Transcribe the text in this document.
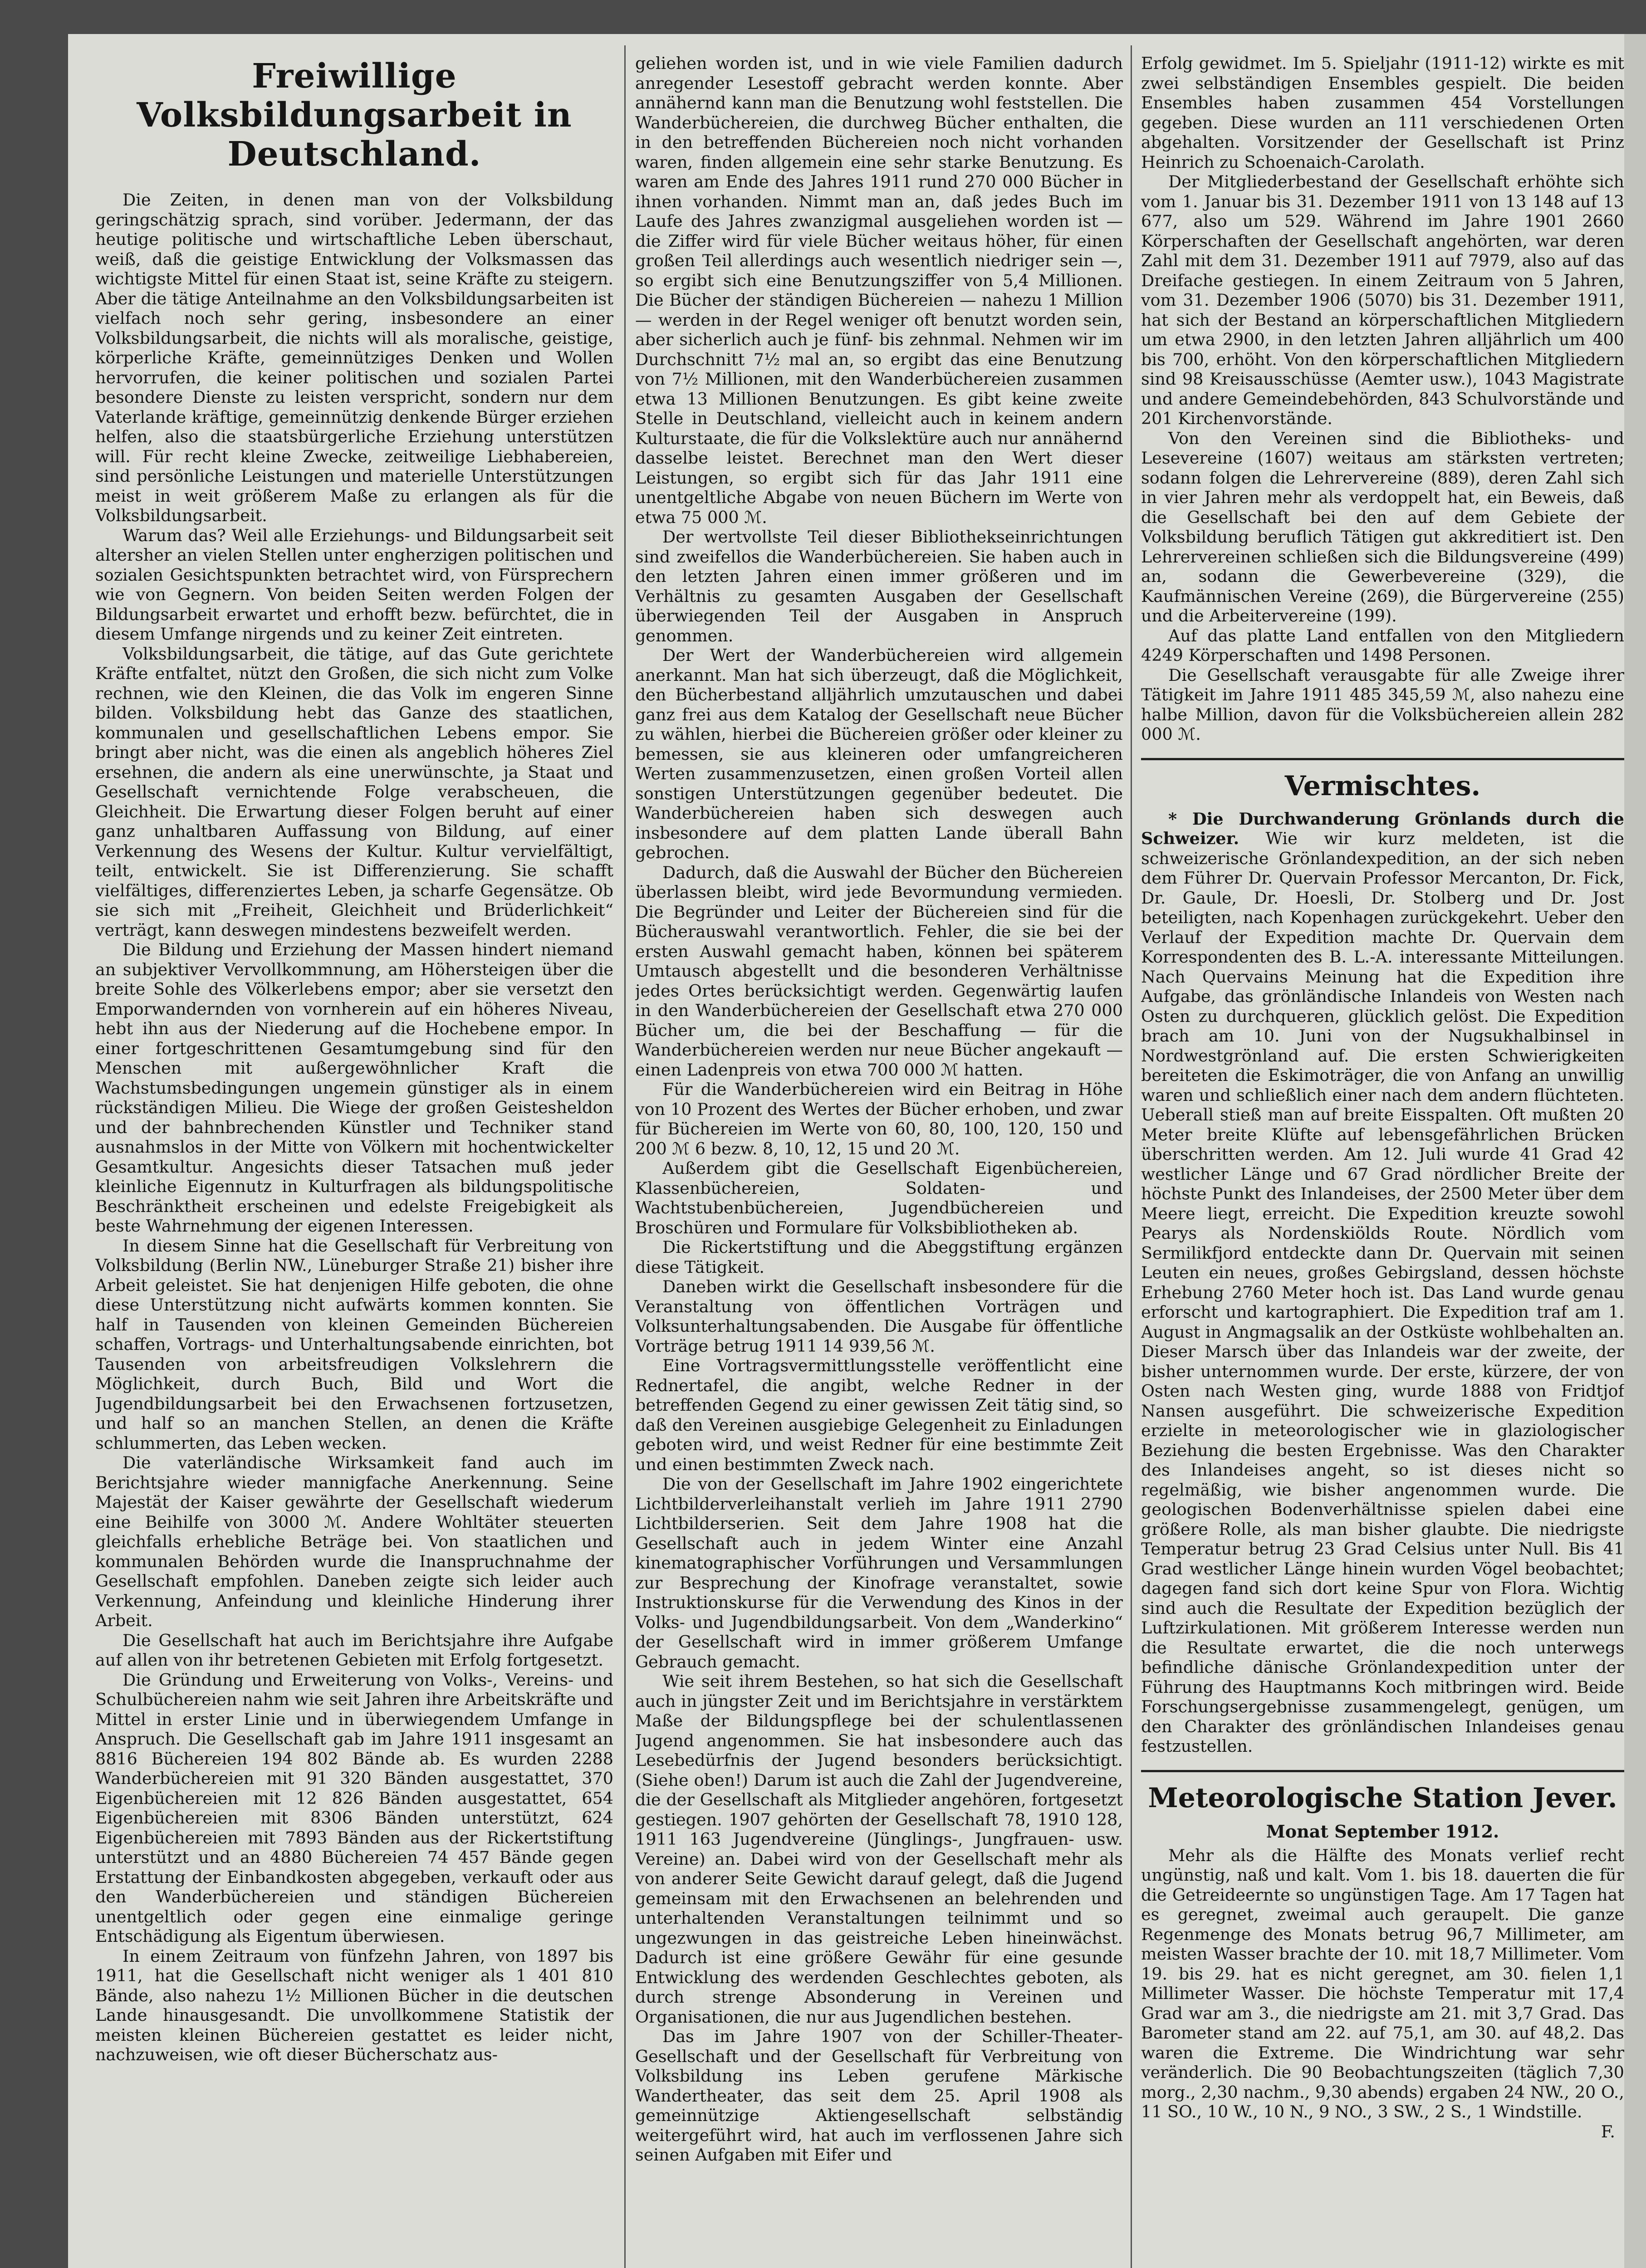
Freiwillige Volksbildungsarbeit in Deutschland.

Die Zeiten, in denen man von der Volksbildung geringschätzig sprach, sind vorüber. Jedermann, der das heutige politische und wirtschaftliche Leben überschaut, weiß, daß die geistige Entwicklung der Volksmassen das wichtigste Mittel für einen Staat ist, seine Kräfte zu steigern. Aber die tätige Anteilnahme an den Volksbildungsarbeiten ist vielfach noch sehr gering, insbesondere an einer Volksbildungsarbeit, die nichts will als moralische, geistige, körperliche Kräfte, gemeinnütziges Denken und Wollen hervorrufen, die keiner politischen und sozialen Partei besondere Dienste zu leisten verspricht, sondern nur dem Vaterlande kräftige, gemeinnützig denkende Bürger erziehen helfen, also die staatsbürgerliche Erziehung unterstützen will. Für recht kleine Zwecke, zeitweilige Liebhabereien, sind persönliche Leistungen und materielle Unterstützungen meist in weit größerem Maße zu erlangen als für die Volksbildungsarbeit.

Warum das? Weil alle Erziehungs- und Bildungsarbeit seit altersher an vielen Stellen unter engherzigen politischen und sozialen Gesichtspunkten betrachtet wird, von Fürsprechern wie von Gegnern. Von beiden Seiten werden Folgen der Bildungsarbeit erwartet und erhofft bezw. befürchtet, die in diesem Umfange nirgends und zu keiner Zeit eintreten.

Volksbildungsarbeit, die tätige, auf das Gute gerichtete Kräfte entfaltet, nützt den Großen, die sich nicht zum Volke rechnen, wie den Kleinen, die das Volk im engeren Sinne bilden. Volksbildung hebt das Ganze des staatlichen, kommunalen und gesellschaftlichen Lebens empor. Sie bringt aber nicht, was die einen als angeblich höheres Ziel ersehnen, die andern als eine unerwünschte, ja Staat und Gesellschaft vernichtende Folge verabscheuen, die Gleichheit. Die Erwartung dieser Folgen beruht auf einer ganz unhaltbaren Auffassung von Bildung, auf einer Verkennung des Wesens der Kultur. Kultur vervielfältigt, teilt, entwickelt. Sie ist Differenzierung. Sie schafft vielfältiges, differenziertes Leben, ja scharfe Gegensätze. Ob sie sich mit „Freiheit, Gleichheit und Brüderlichkeit“ verträgt, kann deswegen mindestens bezweifelt werden.

Die Bildung und Erziehung der Massen hindert niemand an subjektiver Vervollkommnung, am Höhersteigen über die breite Sohle des Völkerlebens empor; aber sie versetzt den Emporwandernden von vornherein auf ein höheres Niveau, hebt ihn aus der Niederung auf die Hochebene empor. In einer fortgeschrittenen Gesamtumgebung sind für den Menschen mit außergewöhnlicher Kraft die Wachstumsbedingungen ungemein günstiger als in einem rückständigen Milieu. Die Wiege der großen Geistesheldon und der bahnbrechenden Künstler und Techniker stand ausnahmslos in der Mitte von Völkern mit hochentwickelter Gesamtkultur. Angesichts dieser Tatsachen muß jeder kleinliche Eigennutz in Kulturfragen als bildungspolitische Beschränktheit erscheinen und edelste Freigebigkeit als beste Wahrnehmung der eigenen Interessen.

In diesem Sinne hat die Gesellschaft für Verbreitung von Volksbildung (Berlin NW., Lüneburger Straße 21) bisher ihre Arbeit geleistet. Sie hat denjenigen Hilfe geboten, die ohne diese Unterstützung nicht aufwärts kommen konnten. Sie half in Tausenden von kleinen Gemeinden Büchereien schaffen, Vortrags- und Unterhaltungsabende einrichten, bot Tausenden von arbeitsfreudigen Volkslehrern die Möglichkeit, durch Buch, Bild und Wort die Jugendbildungsarbeit bei den Erwachsenen fortzusetzen, und half so an manchen Stellen, an denen die Kräfte schlummerten, das Leben wecken.

Die vaterländische Wirksamkeit fand auch im Berichtsjahre wieder mannigfache Anerkennung. Seine Majestät der Kaiser gewährte der Gesellschaft wiederum eine Beihilfe von 3000 ℳ. Andere Wohltäter steuerten gleichfalls erhebliche Beträge bei. Von staatlichen und kommunalen Behörden wurde die Inanspruchnahme der Gesellschaft empfohlen. Daneben zeigte sich leider auch Verkennung, Anfeindung und kleinliche Hinderung ihrer Arbeit.

Die Gesellschaft hat auch im Berichtsjahre ihre Aufgabe auf allen von ihr betretenen Gebieten mit Erfolg fortgesetzt.

Die Gründung und Erweiterung von Volks-, Vereins- und Schulbüchereien nahm wie seit Jahren ihre Arbeitskräfte und Mittel in erster Linie und in überwiegendem Umfange in Anspruch. Die Gesellschaft gab im Jahre 1911 insgesamt an 8816 Büchereien 194 802 Bände ab. Es wurden 2288 Wanderbüchereien mit 91 320 Bänden ausgestattet, 370 Eigenbüchereien mit 12 826 Bänden ausgestattet, 654 Eigenbüchereien mit 8306 Bänden unterstützt, 624 Eigenbüchereien mit 7893 Bänden aus der Rickertstiftung unterstützt und an 4880 Büchereien 74 457 Bände gegen Erstattung der Einbandkosten abgegeben, verkauft oder aus den Wanderbüchereien und ständigen Büchereien unentgeltlich oder gegen eine einmalige geringe Entschädigung als Eigentum überwiesen.

In einem Zeitraum von fünfzehn Jahren, von 1897 bis 1911, hat die Gesellschaft nicht weniger als 1 401 810 Bände, also nahezu 1½ Millionen Bücher in die deutschen Lande hinausgesandt. Die unvollkommene Statistik der meisten kleinen Büchereien gestattet es leider nicht, nachzuweisen, wie oft dieser Bücherschatz aus-

geliehen worden ist, und in wie viele Familien dadurch anregender Lesestoff gebracht werden konnte. Aber annähernd kann man die Benutzung wohl feststellen. Die Wanderbüchereien, die durchweg Bücher enthalten, die in den betreffenden Büchereien noch nicht vorhanden waren, finden allgemein eine sehr starke Benutzung. Es waren am Ende des Jahres 1911 rund 270 000 Bücher in ihnen vorhanden. Nimmt man an, daß jedes Buch im Laufe des Jahres zwanzigmal ausgeliehen worden ist — die Ziffer wird für viele Bücher weitaus höher, für einen großen Teil allerdings auch wesentlich niedriger sein —, so ergibt sich eine Benutzungsziffer von 5,4 Millionen. Die Bücher der ständigen Büchereien — nahezu 1 Million — werden in der Regel weniger oft benutzt worden sein, aber sicherlich auch je fünf- bis zehnmal. Nehmen wir im Durchschnitt 7½ mal an, so ergibt das eine Benutzung von 7½ Millionen, mit den Wanderbüchereien zusammen etwa 13 Millionen Benutzungen. Es gibt keine zweite Stelle in Deutschland, vielleicht auch in keinem andern Kulturstaate, die für die Volkslektüre auch nur annähernd dasselbe leistet. Berechnet man den Wert dieser Leistungen, so ergibt sich für das Jahr 1911 eine unentgeltliche Abgabe von neuen Büchern im Werte von etwa 75 000 ℳ.

Der wertvollste Teil dieser Bibliothekseinrichtungen sind zweifellos die Wanderbüchereien. Sie haben auch in den letzten Jahren einen immer größeren und im Verhältnis zu gesamten Ausgaben der Gesellschaft überwiegenden Teil der Ausgaben in Anspruch genommen.

Der Wert der Wanderbüchereien wird allgemein anerkannt. Man hat sich überzeugt, daß die Möglichkeit, den Bücherbestand alljährlich umzutauschen und dabei ganz frei aus dem Katalog der Gesellschaft neue Bücher zu wählen, hierbei die Büchereien größer oder kleiner zu bemessen, sie aus kleineren oder umfangreicheren Werten zusammenzusetzen, einen großen Vorteil allen sonstigen Unterstützungen gegenüber bedeutet. Die Wanderbüchereien haben sich deswegen auch insbesondere auf dem platten Lande überall Bahn gebrochen.

Dadurch, daß die Auswahl der Bücher den Büchereien überlassen bleibt, wird jede Bevormundung vermieden. Die Begründer und Leiter der Büchereien sind für die Bücherauswahl verantwortlich. Fehler, die sie bei der ersten Auswahl gemacht haben, können bei späterem Umtausch abgestellt und die besonderen Verhältnisse jedes Ortes berücksichtigt werden. Gegenwärtig laufen in den Wanderbüchereien der Gesellschaft etwa 270 000 Bücher um, die bei der Beschaffung — für die Wanderbüchereien werden nur neue Bücher angekauft — einen Ladenpreis von etwa 700 000 ℳ hatten.

Für die Wanderbüchereien wird ein Beitrag in Höhe von 10 Prozent des Wertes der Bücher erhoben, und zwar für Büchereien im Werte von 60, 80, 100, 120, 150 und 200 ℳ 6 bezw. 8, 10, 12, 15 und 20 ℳ.

Außerdem gibt die Gesellschaft Eigenbüchereien, Klassenbüchereien, Soldaten- und Wachtstubenbüchereien, Jugendbüchereien und Broschüren und Formulare für Volksbibliotheken ab.

Die Rickertstiftung und die Abeggstiftung ergänzen diese Tätigkeit.

Daneben wirkt die Gesellschaft insbesondere für die Veranstaltung von öffentlichen Vorträgen und Volksunterhaltungsabenden. Die Ausgabe für öffentliche Vorträge betrug 1911 14 939,56 ℳ.

Eine Vortragsvermittlungsstelle veröffentlicht eine Rednertafel, die angibt, welche Redner in der betreffenden Gegend zu einer gewissen Zeit tätig sind, so daß den Vereinen ausgiebige Gelegenheit zu Einladungen geboten wird, und weist Redner für eine bestimmte Zeit und einen bestimmten Zweck nach.

Die von der Gesellschaft im Jahre 1902 eingerichtete Lichtbilderverleihanstalt verlieh im Jahre 1911 2790 Lichtbilderserien. Seit dem Jahre 1908 hat die Gesellschaft auch in jedem Winter eine Anzahl kinematographischer Vorführungen und Versammlungen zur Besprechung der Kinofrage veranstaltet, sowie Instruktionskurse für die Verwendung des Kinos in der Volks- und Jugendbildungsarbeit. Von dem „Wanderkino“ der Gesellschaft wird in immer größerem Umfange Gebrauch gemacht.

Wie seit ihrem Bestehen, so hat sich die Gesellschaft auch in jüngster Zeit und im Berichtsjahre in verstärktem Maße der Bildungspflege bei der schulentlassenen Jugend angenommen. Sie hat insbesondere auch das Lesebedürfnis der Jugend besonders berücksichtigt. (Siehe oben!) Darum ist auch die Zahl der Jugendvereine, die der Gesellschaft als Mitglieder angehören, fortgesetzt gestiegen. 1907 gehörten der Gesellschaft 78, 1910 128, 1911 163 Jugendvereine (Jünglings-, Jungfrauen- usw. Vereine) an. Dabei wird von der Gesellschaft mehr als von anderer Seite Gewicht darauf gelegt, daß die Jugend gemeinsam mit den Erwachsenen an belehrenden und unterhaltenden Veranstaltungen teilnimmt und so ungezwungen in das geistreiche Leben hineinwächst. Dadurch ist eine größere Gewähr für eine gesunde Entwicklung des werdenden Geschlechtes geboten, als durch strenge Absonderung in Vereinen und Organisationen, die nur aus Jugendlichen bestehen.

Das im Jahre 1907 von der Schiller-Theater-Gesellschaft und der Gesellschaft für Verbreitung von Volksbildung ins Leben gerufene Märkische Wandertheater, das seit dem 25. April 1908 als gemeinnützige Aktiengesellschaft selbständig weitergeführt wird, hat auch im verflossenen Jahre sich seinen Aufgaben mit Eifer und

Erfolg gewidmet. Im 5. Spieljahr (1911-12) wirkte es mit zwei selbständigen Ensembles gespielt. Die beiden Ensembles haben zusammen 454 Vorstellungen gegeben. Diese wurden an 111 verschiedenen Orten abgehalten. Vorsitzender der Gesellschaft ist Prinz Heinrich zu Schoenaich-Carolath.

Der Mitgliederbestand der Gesellschaft erhöhte sich vom 1. Januar bis 31. Dezember 1911 von 13 148 auf 13 677, also um 529. Während im Jahre 1901 2660 Körperschaften der Gesellschaft angehörten, war deren Zahl mit dem 31. Dezember 1911 auf 7979, also auf das Dreifache gestiegen. In einem Zeitraum von 5 Jahren, vom 31. Dezember 1906 (5070) bis 31. Dezember 1911, hat sich der Bestand an körperschaftlichen Mitgliedern um etwa 2900, in den letzten Jahren alljährlich um 400 bis 700, erhöht. Von den körperschaftlichen Mitgliedern sind 98 Kreisausschüsse (Aemter usw.), 1043 Magistrate und andere Gemeindebehörden, 843 Schulvorstände und 201 Kirchenvorstände.

Von den Vereinen sind die Bibliotheks- und Lesevereine (1607) weitaus am stärksten vertreten; sodann folgen die Lehrervereine (889), deren Zahl sich in vier Jahren mehr als verdoppelt hat, ein Beweis, daß die Gesellschaft bei den auf dem Gebiete der Volksbildung beruflich Tätigen gut akkreditiert ist. Den Lehrervereinen schließen sich die Bildungsvereine (499) an, sodann die Gewerbevereine (329), die Kaufmännischen Vereine (269), die Bürgervereine (255) und die Arbeitervereine (199).

Auf das platte Land entfallen von den Mitgliedern 4249 Körperschaften und 1498 Personen.

Die Gesellschaft verausgabte für alle Zweige ihrer Tätigkeit im Jahre 1911 485 345,59 ℳ, also nahezu eine halbe Million, davon für die Volksbüchereien allein 282 000 ℳ.

Vermischtes.

* Die Durchwanderung Grönlands durch die Schweizer. Wie wir kurz meldeten, ist die schweizerische Grönlandexpedition, an der sich neben dem Führer Dr. Quervain Professor Mercanton, Dr. Fick, Dr. Gaule, Dr. Hoesli, Dr. Stolberg und Dr. Jost beteiligten, nach Kopenhagen zurückgekehrt. Ueber den Verlauf der Expedition machte Dr. Quervain dem Korrespondenten des B. L.-A. interessante Mitteilungen. Nach Quervains Meinung hat die Expedition ihre Aufgabe, das grönländische Inlandeis von Westen nach Osten zu durchqueren, glücklich gelöst. Die Expedition brach am 10. Juni von der Nugsukhalbinsel in Nordwestgrönland auf. Die ersten Schwierigkeiten bereiteten die Eskimoträger, die von Anfang an unwillig waren und schließlich einer nach dem andern flüchteten. Ueberall stieß man auf breite Eisspalten. Oft mußten 20 Meter breite Klüfte auf lebensgefährlichen Brücken überschritten werden. Am 12. Juli wurde 41 Grad 42 westlicher Länge und 67 Grad nördlicher Breite der höchste Punkt des Inlandeises, der 2500 Meter über dem Meere liegt, erreicht. Die Expedition kreuzte sowohl Pearys als Nordenskiölds Route. Nördlich vom Sermilikfjord entdeckte dann Dr. Quervain mit seinen Leuten ein neues, großes Gebirgsland, dessen höchste Erhebung 2760 Meter hoch ist. Das Land wurde genau erforscht und kartographiert. Die Expedition traf am 1. August in Angmagsalik an der Ostküste wohlbehalten an. Dieser Marsch über das Inlandeis war der zweite, der bisher unternommen wurde. Der erste, kürzere, der von Osten nach Westen ging, wurde 1888 von Fridtjof Nansen ausgeführt. Die schweizerische Expedition erzielte in meteorologischer wie in glaziologischer Beziehung die besten Ergebnisse. Was den Charakter des Inlandeises angeht, so ist dieses nicht so regelmäßig, wie bisher angenommen wurde. Die geologischen Bodenverhältnisse spielen dabei eine größere Rolle, als man bisher glaubte. Die niedrigste Temperatur betrug 23 Grad Celsius unter Null. Bis 41 Grad westlicher Länge hinein wurden Vögel beobachtet; dagegen fand sich dort keine Spur von Flora. Wichtig sind auch die Resultate der Expedition bezüglich der Luftzirkulationen. Mit größerem Interesse werden nun die Resultate erwartet, die die noch unterwegs befindliche dänische Grönlandexpedition unter der Führung des Hauptmanns Koch mitbringen wird. Beide Forschungsergebnisse zusammengelegt, genügen, um den Charakter des grönländischen Inlandeises genau festzustellen.

Meteorologische Station Jever.
Monat September 1912.

Mehr als die Hälfte des Monats verlief recht ungünstig, naß und kalt. Vom 1. bis 18. dauerten die für die Getreideernte so ungünstigen Tage. Am 17 Tagen hat es geregnet, zweimal auch geraupelt. Die ganze Regenmenge des Monats betrug 96,7 Millimeter, am meisten Wasser brachte der 10. mit 18,7 Millimeter. Vom 19. bis 29. hat es nicht geregnet, am 30. fielen 1,1 Millimeter Wasser. Die höchste Temperatur mit 17,4 Grad war am 3., die niedrigste am 21. mit 3,7 Grad. Das Barometer stand am 22. auf 75,1, am 30. auf 48,2. Das waren die Extreme. Die Windrichtung war sehr veränderlich. Die 90 Beobachtungszeiten (täglich 7,30 morg., 2,30 nachm., 9,30 abends) ergaben 24 NW., 20 O., 11 SO., 10 W., 10 N., 9 NO., 3 SW., 2 S., 1 Windstille.

F.
